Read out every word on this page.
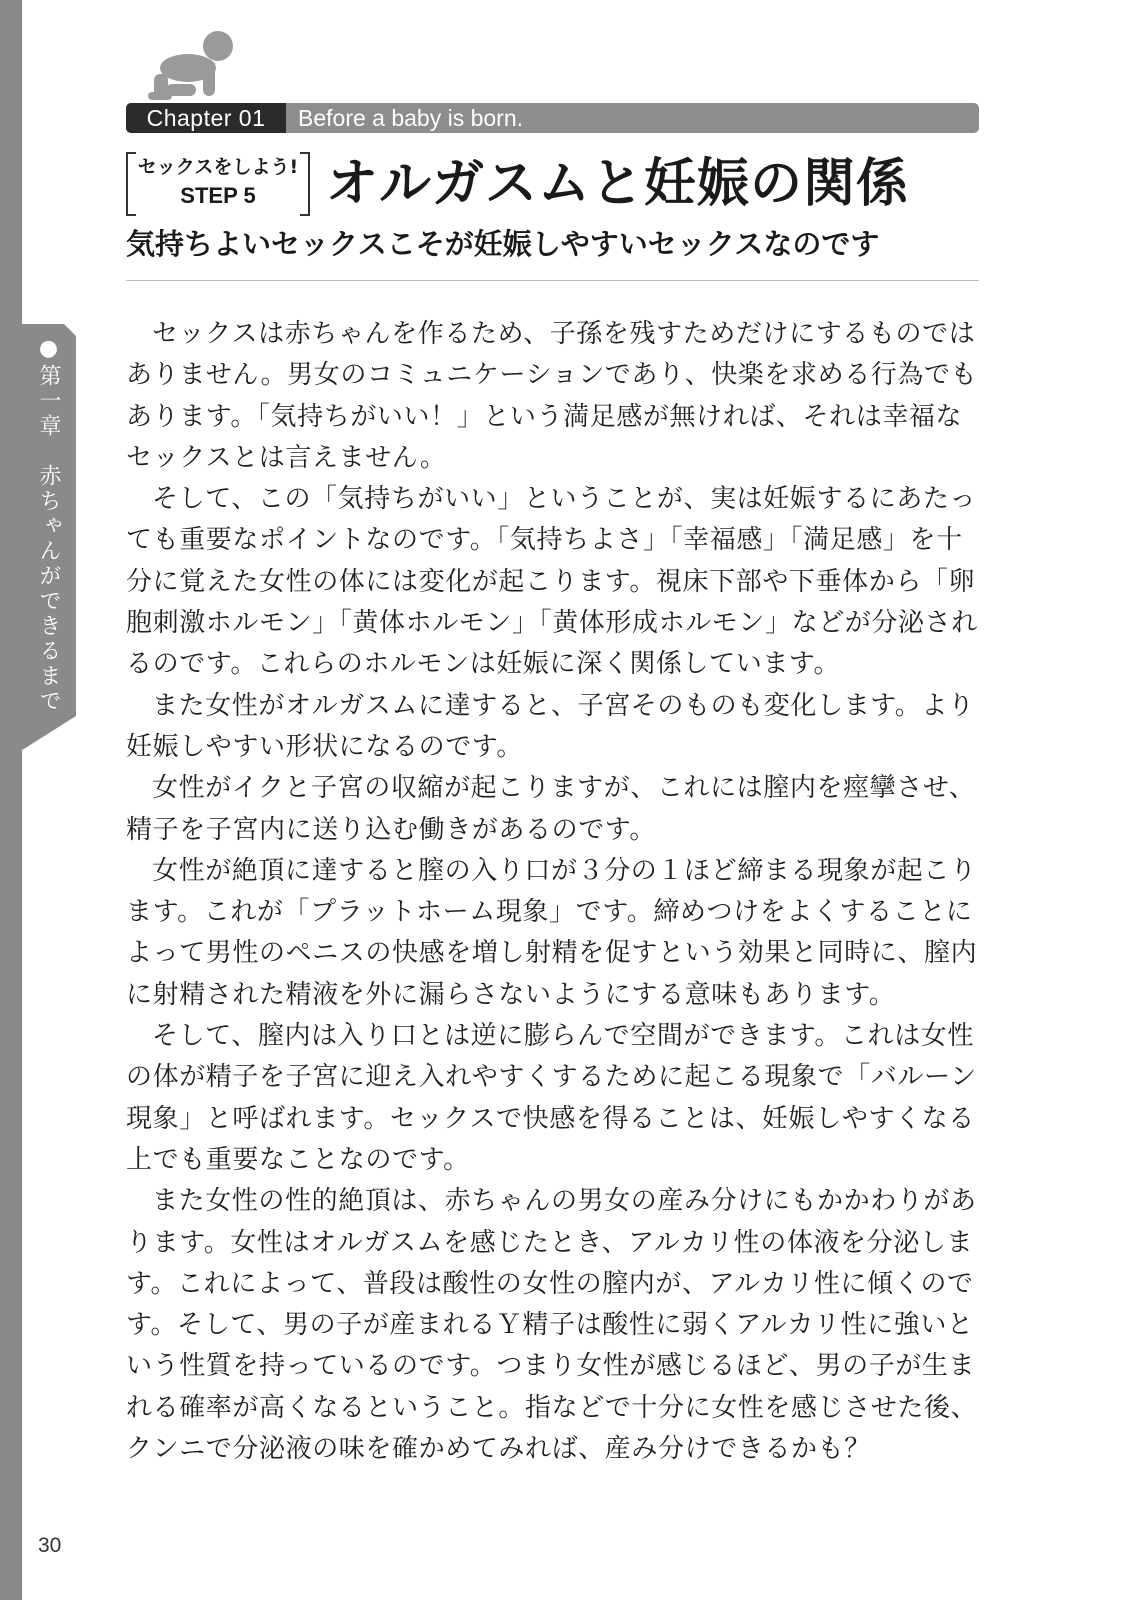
●第一章　赤ちゃんができるまで
Chapter 01	Before a baby is born.
セックスをしよう!
STEP 5	オルガスムと妊娠の関係
気持ちよいセックスこそが妊娠しやすいセックスなのです

セックスは赤ちゃんを作るため、子孫を残すためだけにするものではありません。男女のコミュニケーションであり、快楽を求める行為でもあります。「気持ちがいい！」という満足感が無ければ、それは幸福なセックスとは言えません。

そして、この「気持ちがいい」ということが、実は妊娠するにあたっても重要なポイントなのです。「気持ちよさ」「幸福感」「満足感」を十分に覚えた女性の体には変化が起こります。視床下部や下垂体から「卵胞刺激ホルモン」「黄体ホルモン」「黄体形成ホルモン」などが分泌されるのです。これらのホルモンは妊娠に深く関係しています。

また女性がオルガスムに達すると、子宮そのものも変化します。より妊娠しやすい形状になるのです。

女性がイクと子宮の収縮が起こりますが、これには膣内を痙攣させ、精子を子宮内に送り込む働きがあるのです。

女性が絶頂に達すると膣の入り口が３分の１ほど締まる現象が起こります。これが「プラットホーム現象」です。締めつけをよくすることによって男性のペニスの快感を増し射精を促すという効果と同時に、膣内に射精された精液を外に漏らさないようにする意味もあります。

そして、膣内は入り口とは逆に膨らんで空間ができます。これは女性の体が精子を子宮に迎え入れやすくするために起こる現象で「バルーン現象」と呼ばれます。セックスで快感を得ることは、妊娠しやすくなる上でも重要なことなのです。

また女性の性的絶頂は、赤ちゃんの男女の産み分けにもかかわりがあります。女性はオルガスムを感じたとき、アルカリ性の体液を分泌します。これによって、普段は酸性の女性の膣内が、アルカリ性に傾くのです。そして、男の子が産まれるＹ精子は酸性に弱くアルカリ性に強いという性質を持っているのです。つまり女性が感じるほど、男の子が生まれる確率が高くなるということ。指などで十分に女性を感じさせた後、クンニで分泌液の味を確かめてみれば、産み分けできるかも？

30
